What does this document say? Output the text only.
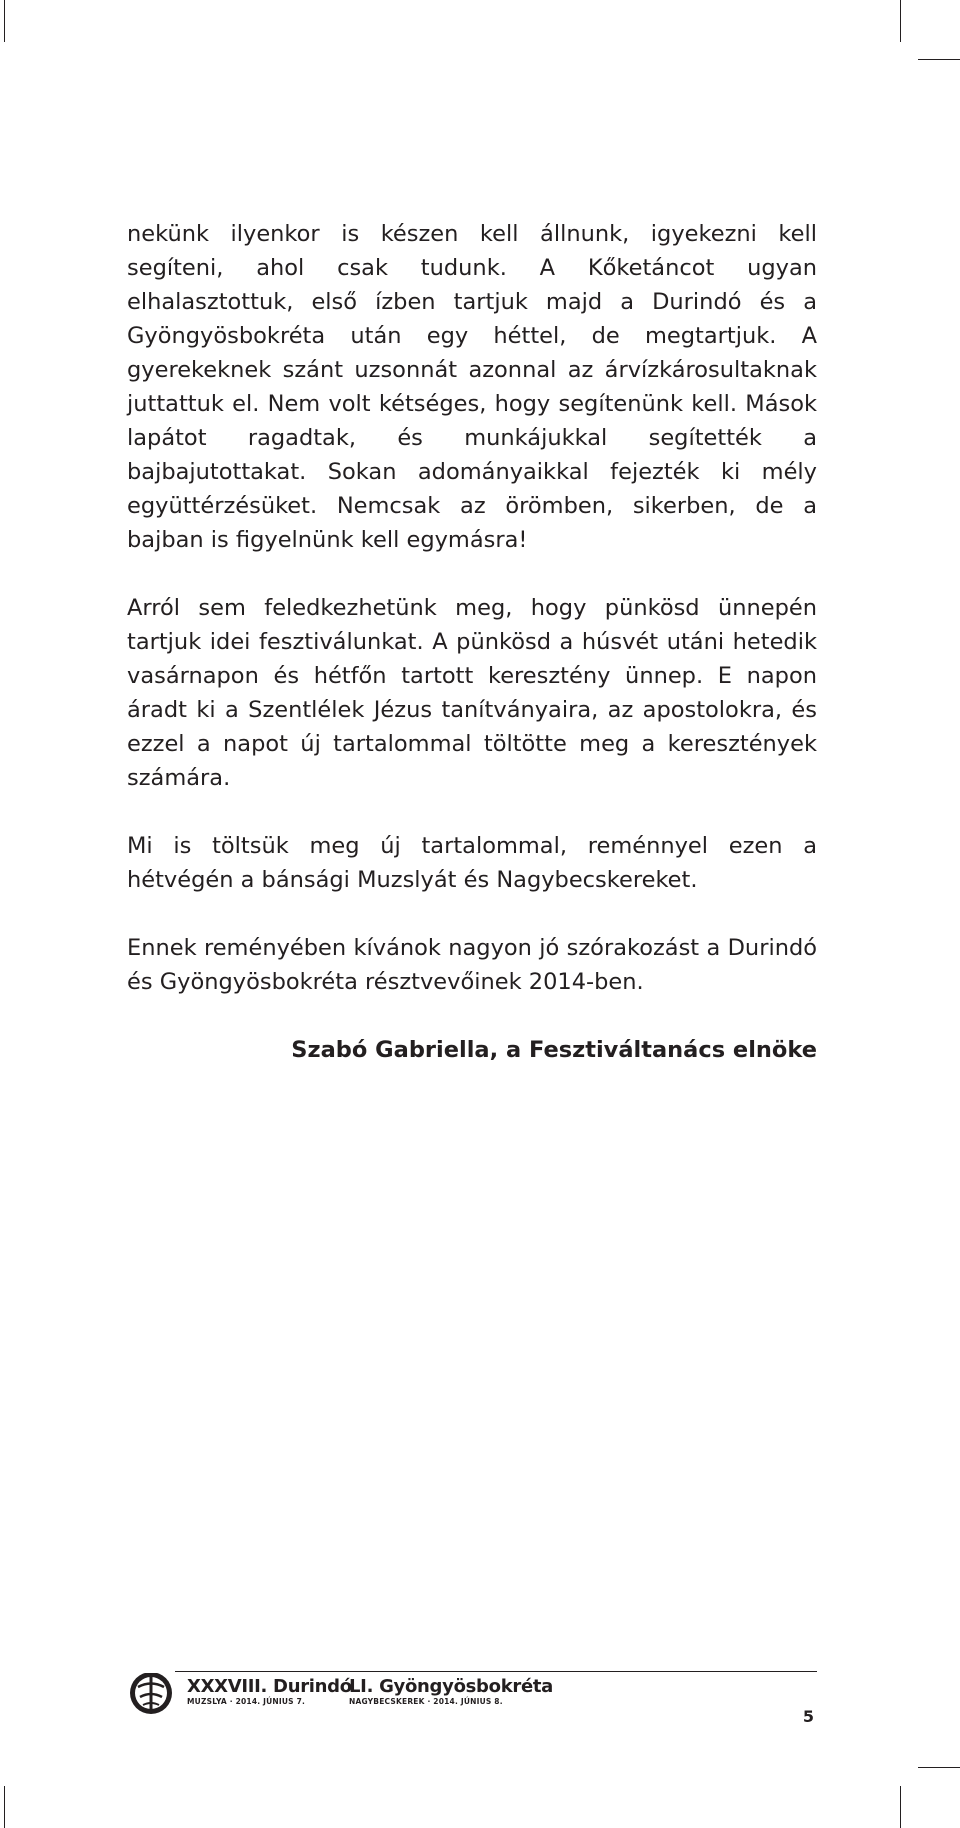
nekünk ilyenkor is készen kell állnunk, igyekezni kell segíteni, ahol csak tudunk. A Kőketáncot ugyan elhalasztottuk, első ízben tartjuk majd a Durindó és a Gyöngyösbokréta után egy héttel, de megtartjuk. A gyerekeknek szánt uzsonnát azonnal az árvízkárosultaknak juttattuk el. Nem volt kétséges, hogy segítenünk kell. Mások lapátot ragadtak, és munkájukkal segítették a bajbajutottakat. Sokan adományaikkal fejezték ki mély együttérzésüket. Nemcsak az örömben, sikerben, de a bajban is figyelnünk kell egymásra!

Arról sem feledkezhetünk meg, hogy pünkösd ünnepén tartjuk idei fesztiválunkat. A pünkösd a húsvét utáni hetedik vasárnapon és hétfőn tartott keresztény ünnep. E napon áradt ki a Szentlélek Jézus tanítványaira, az apostolokra, és ezzel a napot új tartalommal töltötte meg a keresztények számára.

Mi is töltsük meg új tartalommal, reménnyel ezen a hétvégén a bánsági Muzslyát és Nagybecskereket.

Ennek reményében kívánok nagyon jó szórakozást a Durindó és Gyöngyösbokréta résztvevőinek 2014-ben.

Szabó Gabriella, a Fesztiváltanács elnöke

XXXVIII. Durindó
MUZSLYA · 2014. JÚNIUS 7.
LI. Gyöngyösbokréta
NAGYBECSKEREK · 2014. JÚNIUS 8.
5
